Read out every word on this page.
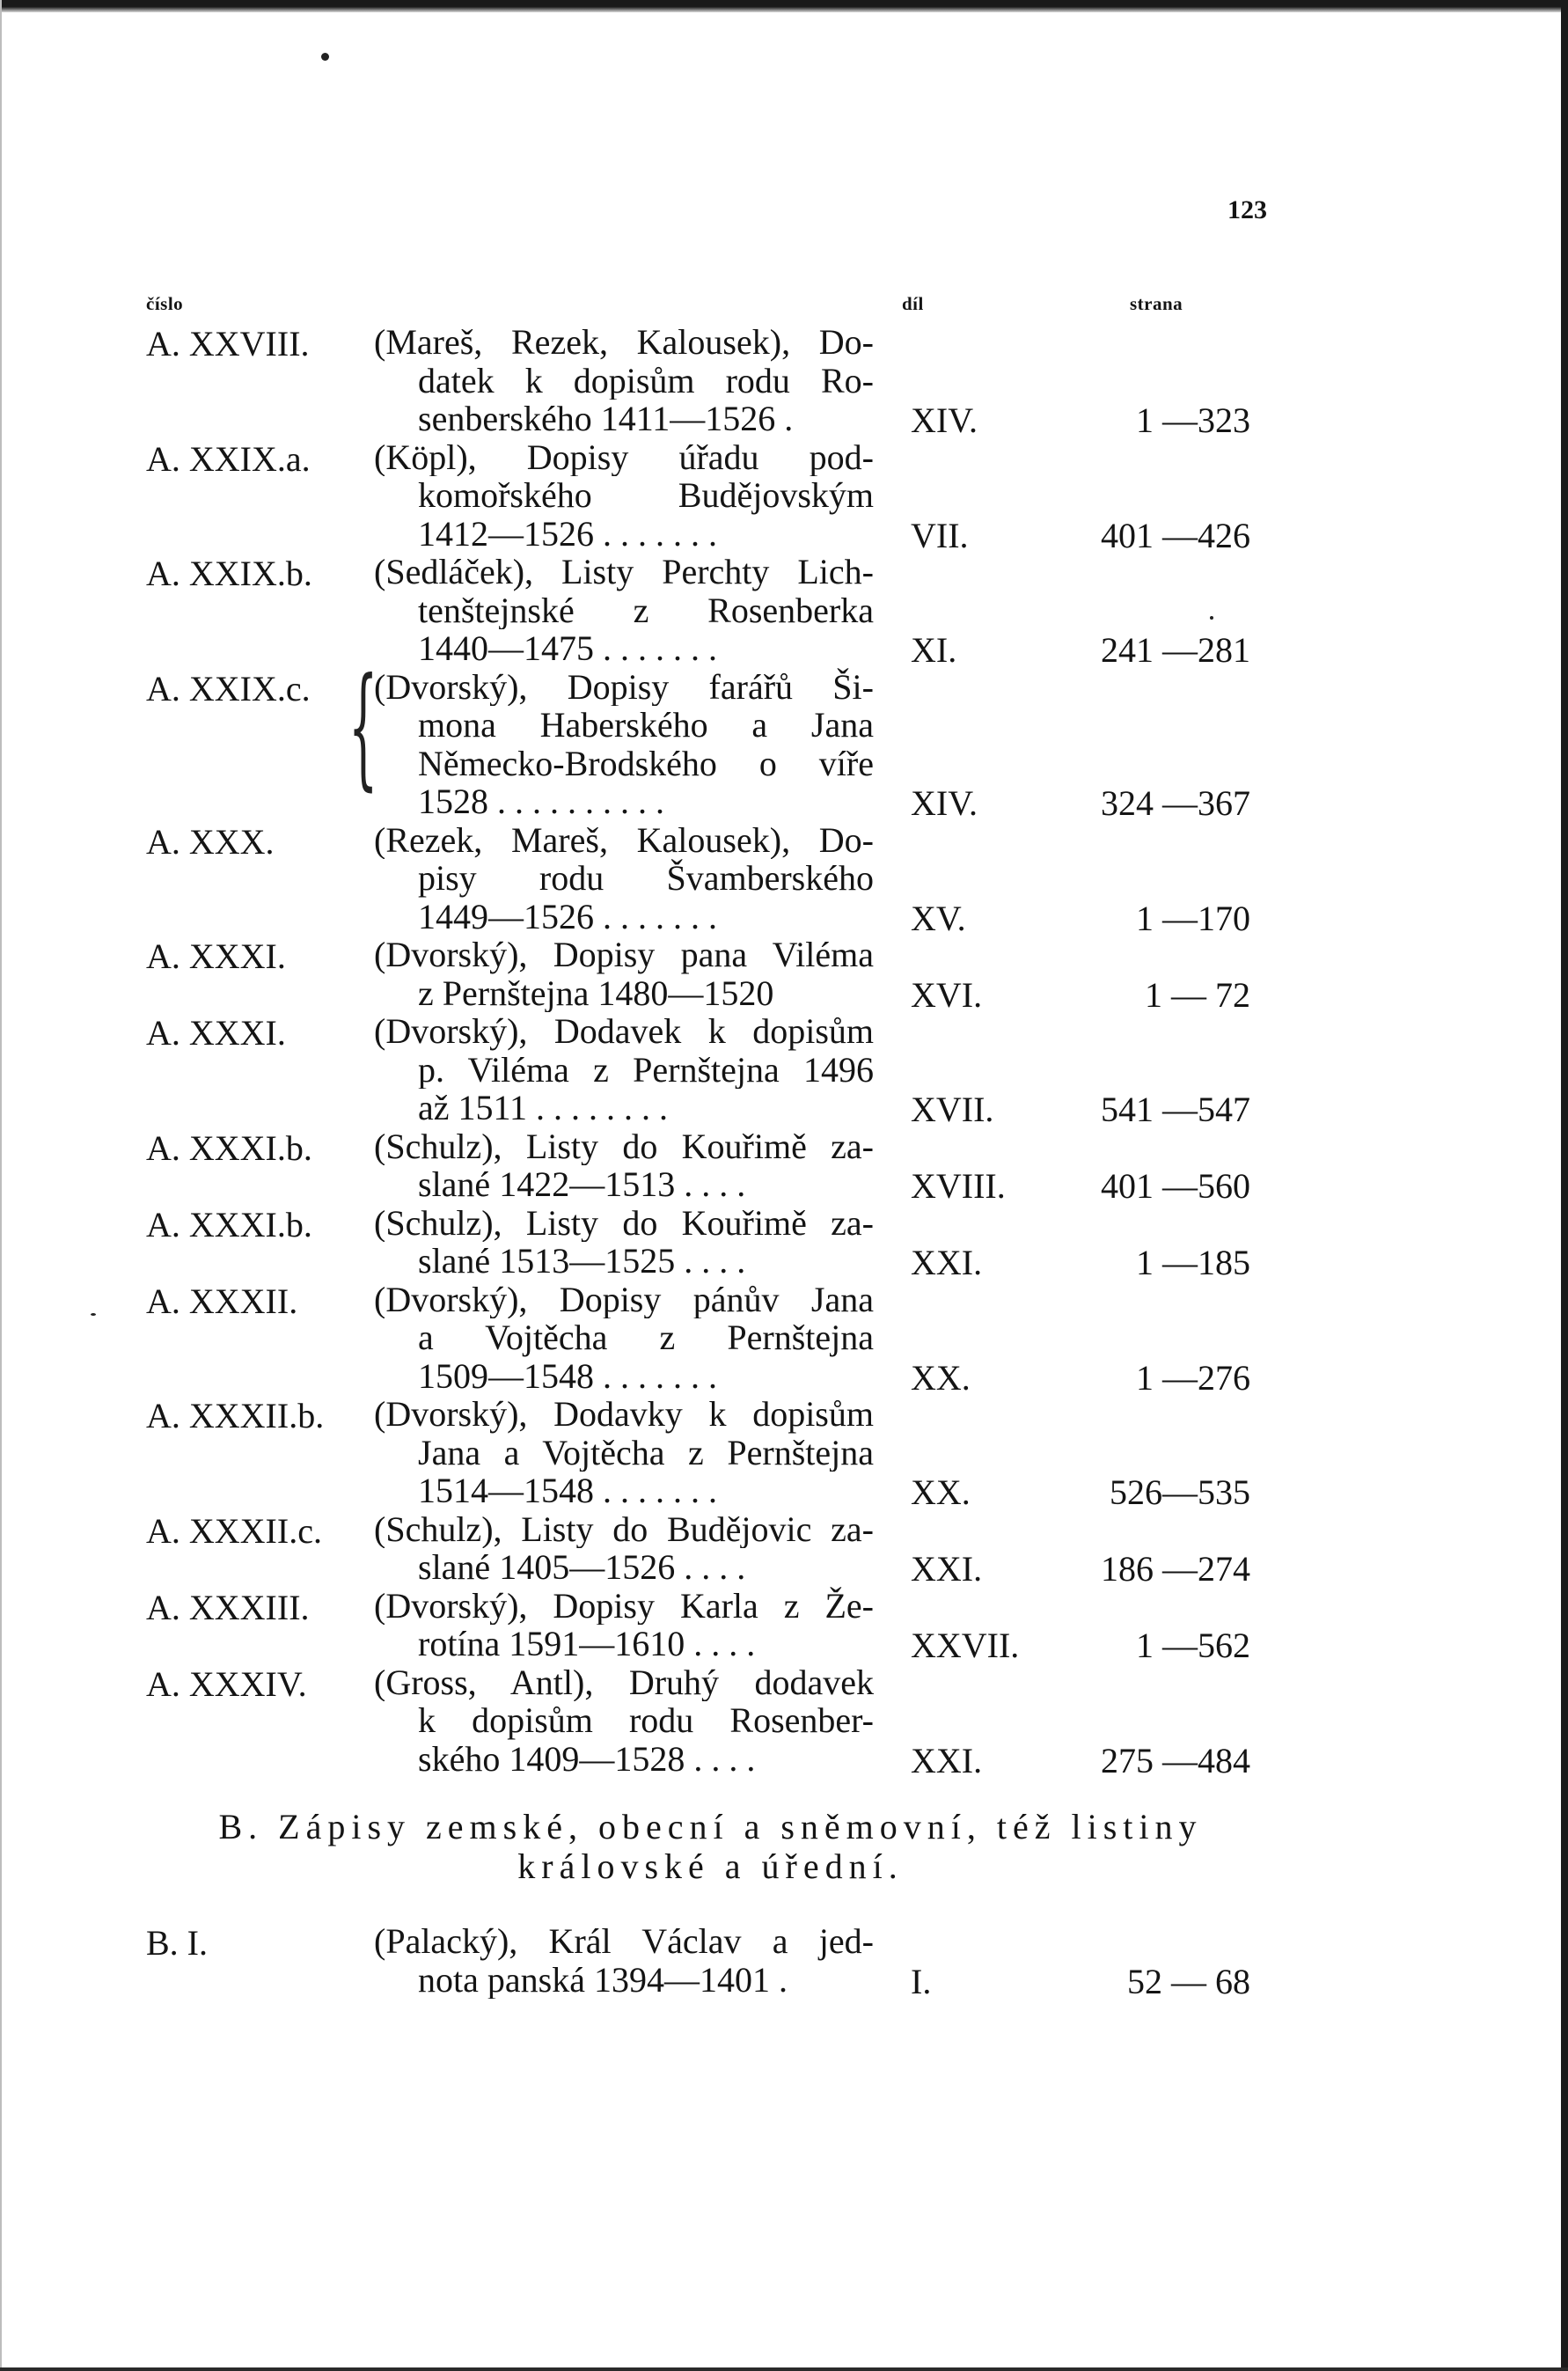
123
číslo	díl	strana
A. XXVIII. (Mareš, Rezek, Kalousek), Do-
datek k dopisům rodu Ro-
senberského 1411—1526 .	XIV.	1 —323
A. XXIX.a. (Köpl), Dopisy úřadu pod-
komořského Budějovským
1412—1526 . . . . . . .	VII.	401 —426
A. XXIX.b. (Sedláček), Listy Perchty Lich-
tenštejnské z Rosenberka
1440—1475 . . . . . . .	XI.	241 —281
A. XXIX.c. (Dvorský), Dopisy farářů Ši-
mona Haberského a Jana
Německo-Brodského o víře
1528 . . . . . . . . . .	XIV.	324 —367
{
A. XXX.	(Rezek, Mareš, Kalousek), Do-
pisy rodu Švamberského
1449—1526 . . . . . . .	XV.	1 —170
A. XXXI.	(Dvorský), Dopisy pana Viléma
z Pernštejna 1480—1520	XVI.	1 — 72
A. XXXI.	(Dvorský), Dodavek k dopisům
p. Viléma z Pernštejna 1496
až 1511 . . . . . . . .	XVII.	541 —547
A. XXXI.b. (Schulz), Listy do Kouřimě za-
slané 1422—1513 . . . .	XVIII.	401 —560
A. XXXI.b. (Schulz), Listy do Kouřimě za-
slané 1513—1525 . . . .	XXI.	1 —185
A. XXXII. (Dvorský), Dopisy pánův Jana
a Vojtěcha z Pernštejna
1509—1548 . . . . . . .	XX.	1 —276
A. XXXII.b. (Dvorský), Dodavky k dopisům
Jana a Vojtěcha z Pernštejna
1514—1548 . . . . . . .	XX.	526—535
A. XXXII.c. (Schulz), Listy do Budějovic za-
slané 1405—1526 . . . .	XXI.	186 —274
A. XXXIII. (Dvorský), Dopisy Karla z Že-
rotína 1591—1610 . . . .	XXVII.	1 —562
A. XXXIV. (Gross, Antl), Druhý dodavek
k dopisům rodu Rosenber-
ského 1409—1528 . . . .	XXI.	275 —484
B. Zápisy zemské, obecní a sněmovní, též listiny
královské a úřední.
B. I.	(Palacký), Král Václav a jed-
nota panská 1394—1401 .	I.	52 — 68
